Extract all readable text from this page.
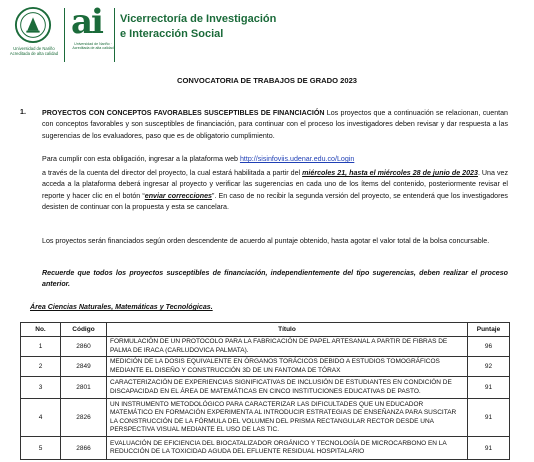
Universidad de Nariño
Acreditada de alta calidad
ai
Universidad de Nariño · Acreditada de alta calidad
Vicerrectoría de Investigación
e Interacción Social
CONVOCATORIA DE TRABAJOS DE GRADO 2023
1. PROYECTOS CON CONCEPTOS FAVORABLES SUSCEPTIBLES DE FINANCIACIÓN Los proyectos que a continuación se relacionan, cuentan con conceptos favorables y son susceptibles de financiación, para continuar con el proceso los investigadores deben revisar y dar respuesta a las sugerencias de los evaluadores, paso que es de obligatorio cumplimiento.
Para cumplir con esta obligación, ingresar a la plataforma web http://sisinfoviis.udenar.edu.co/Login
a través de la cuenta del director del proyecto, la cual estará habilitada a partir del miércoles 21, hasta el miércoles 28 de junio de 2023. Una vez acceda a la plataforma deberá ingresar al proyecto y verificar las sugerencias en cada uno de los ítems del contenido, posteriormente revisar el reporte y hacer clic en el botón “enviar correcciones”. En caso de no recibir la segunda versión del proyecto, se entenderá que los investigadores desisten de continuar con la propuesta y esta se cancelara.
Los proyectos serán financiados según orden descendente de acuerdo al puntaje obtenido, hasta agotar el valor total de la bolsa concursable.
Recuerde que todos los proyectos susceptibles de financiación, independientemente del tipo sugerencias, deben realizar el proceso anterior.
Área Ciencias Naturales, Matemáticas y Tecnológicas.
No.	Código	Título	Puntaje
1	2860	FORMULACIÓN DE UN PROTOCOLO PARA LA FABRICACIÓN DE PAPEL ARTESANAL A PARTIR DE FIBRAS DE PALMA DE IRACA (CARLUDOVICA PALMATA).	96
2	2849	MEDICIÓN DE LA DOSIS EQUIVALENTE EN ÓRGANOS TORÁCICOS DEBIDO A ESTUDIOS TOMOGRÁFICOS MEDIANTE EL DISEÑO Y CONSTRUCCIÓN 3D DE UN FANTOMA DE TÓRAX	92
3	2801	CARACTERIZACIÓN DE EXPERIENCIAS SIGNIFICATIVAS DE INCLUSIÓN DE ESTUDIANTES EN CONDICIÓN DE DISCAPACIDAD EN EL ÁREA DE MATEMÁTICAS EN CINCO INSTITUCIONES EDUCATIVAS DE PASTO.	91
4	2826	UN INSTRUMENTO METODOLÓGICO PARA CARACTERIZAR LAS DIFICULTADES QUE UN EDUCADOR MATEMÁTICO EN FORMACIÓN EXPERIMENTA AL INTRODUCIR ESTRATEGIAS DE ENSEÑANZA PARA SUSCITAR LA CONSTRUCCIÓN DE LA FÓRMULA DEL VOLUMEN DEL PRISMA RECTANGULAR RECTOR DESDE UNA PERSPECTIVA VISUAL MEDIANTE EL USO DE LAS TIC.	91
5	2866	EVALUACIÓN DE EFICIENCIA DEL BIOCATALIZADOR ORGÁNICO Y TECNOLOGÍA DE MICROCARBONO EN LA REDUCCIÓN DE LA TOXICIDAD AGUDA DEL EFLUENTE RESIDUAL HOSPITALARIO	91
